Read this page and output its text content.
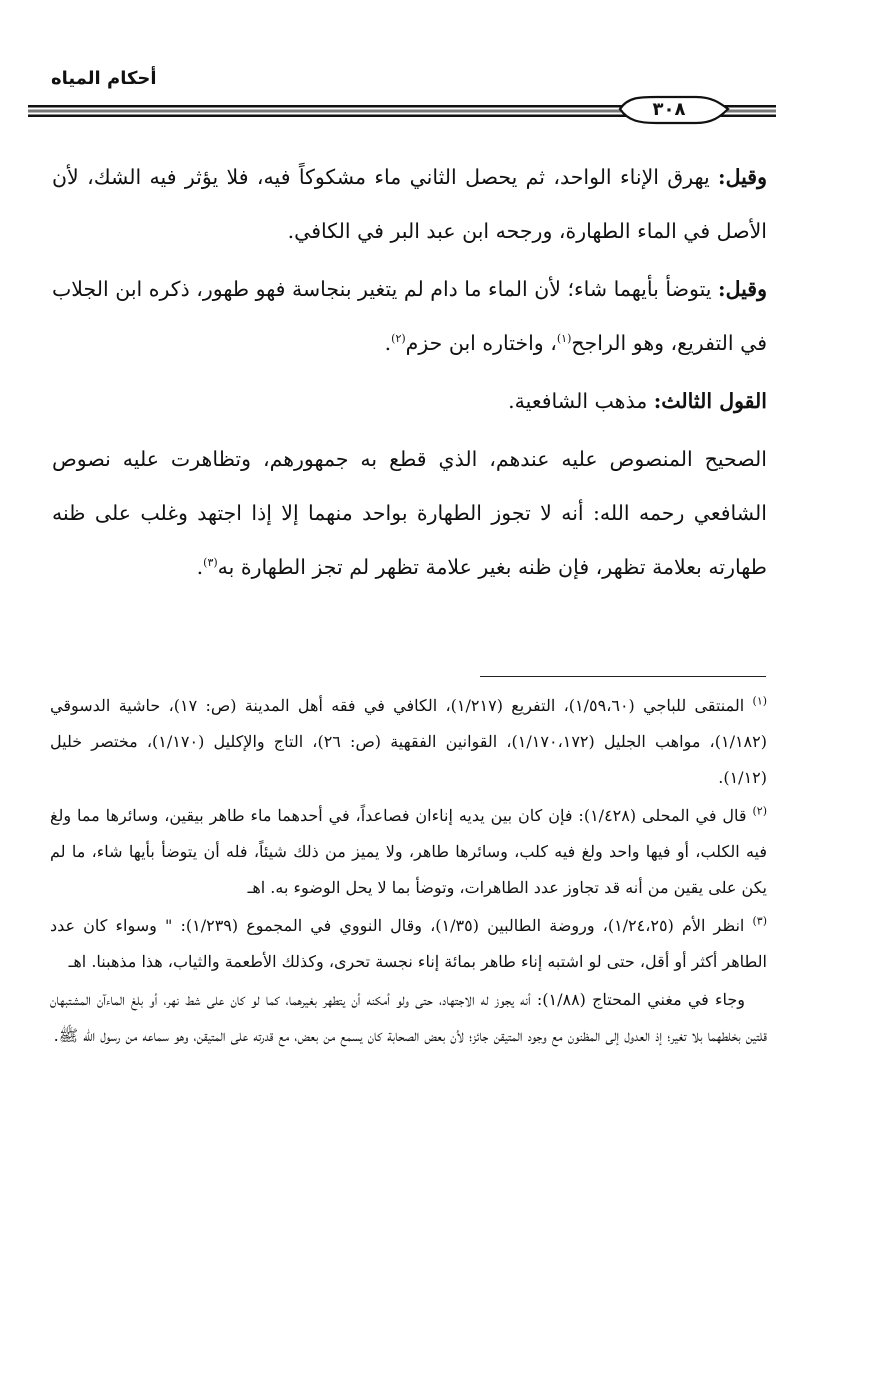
أحكام المياه
٣٠٨

وقيل: يهرق الإناء الواحد، ثم يحصل الثاني ماء مشكوكاً فيه، فلا يؤثر فيه الشك، لأن الأصل في الماء الطهارة، ورجحه ابن عبد البر في الكافي.

وقيل: يتوضأ بأيهما شاء؛ لأن الماء ما دام لم يتغير بنجاسة فهو طهور، ذكره ابن الجلاب في التفريع، وهو الراجح$^{(١)}$، واختاره ابن حزم$^{(٢)}$.

القول الثالث: مذهب الشافعية.

الصحيح المنصوص عليه عندهم، الذي قطع به جمهورهم، وتظاهرت عليه نصوص الشافعي رحمه الله: أنه لا تجوز الطهارة بواحد منهما إلا إذا اجتهد وغلب على ظنه طهارته بعلامة تظهر، فإن ظنه بغير علامة تظهر لم تجز الطهارة به$^{(٣)}$.

$^{(١)}$ المنتقى للباجي (١/٥٩،٦٠)، التفريع (١/٢١٧)، الكافي في فقه أهل المدينة (ص: ١٧)، حاشية الدسوقي (١/١٨٢)، مواهب الجليل (١/١٧٠،١٧٢)، القوانين الفقهية (ص: ٢٦)، التاج والإكليل (١/١٧٠)، مختصر خليل (١/١٢).

$^{(٢)}$ قال في المحلى (١/٤٢٨): فإن كان بين يديه إناءان فصاعداً، في أحدهما ماء طاهر بيقين، وسائرها مما ولغ فيه الكلب، أو فيها واحد ولغ فيه كلب، وسائرها طاهر، ولا يميز من ذلك شيئاً، فله أن يتوضأ بأيها شاء، ما لم يكن على يقين من أنه قد تجاوز عدد الطاهرات، وتوضأ بما لا يحل الوضوء به. اهـ

$^{(٣)}$ انظر الأم (١/٢٤،٢٥)، وروضة الطالبين (١/٣٥)، وقال النووي في المجموع (١/٢٣٩): " وسواء كان عدد الطاهر أكثر أو أقل، حتى لو اشتبه إناء طاهر بمائة إناء نجسة تحرى، وكذلك الأطعمة والثياب، هذا مذهبنا. اهـ

وجاء في مغني المحتاج (١/٨٨): أنه يجوز له الاجتهاد، حتى ولو أمكنه أن يتطهر بغيرهما، كما لو كان على شط نهر، أو بلغ الماءآن المشتبهان قلتين بخلطهما بلا تغير؛ إذ العدول إلى المظنون مع وجود المتيقن جائز؛ لأن بعض الصحابة كان يسمع من بعض، مع قدرته على المتيقن، وهو سماعه من رسول الله ﷺ.
